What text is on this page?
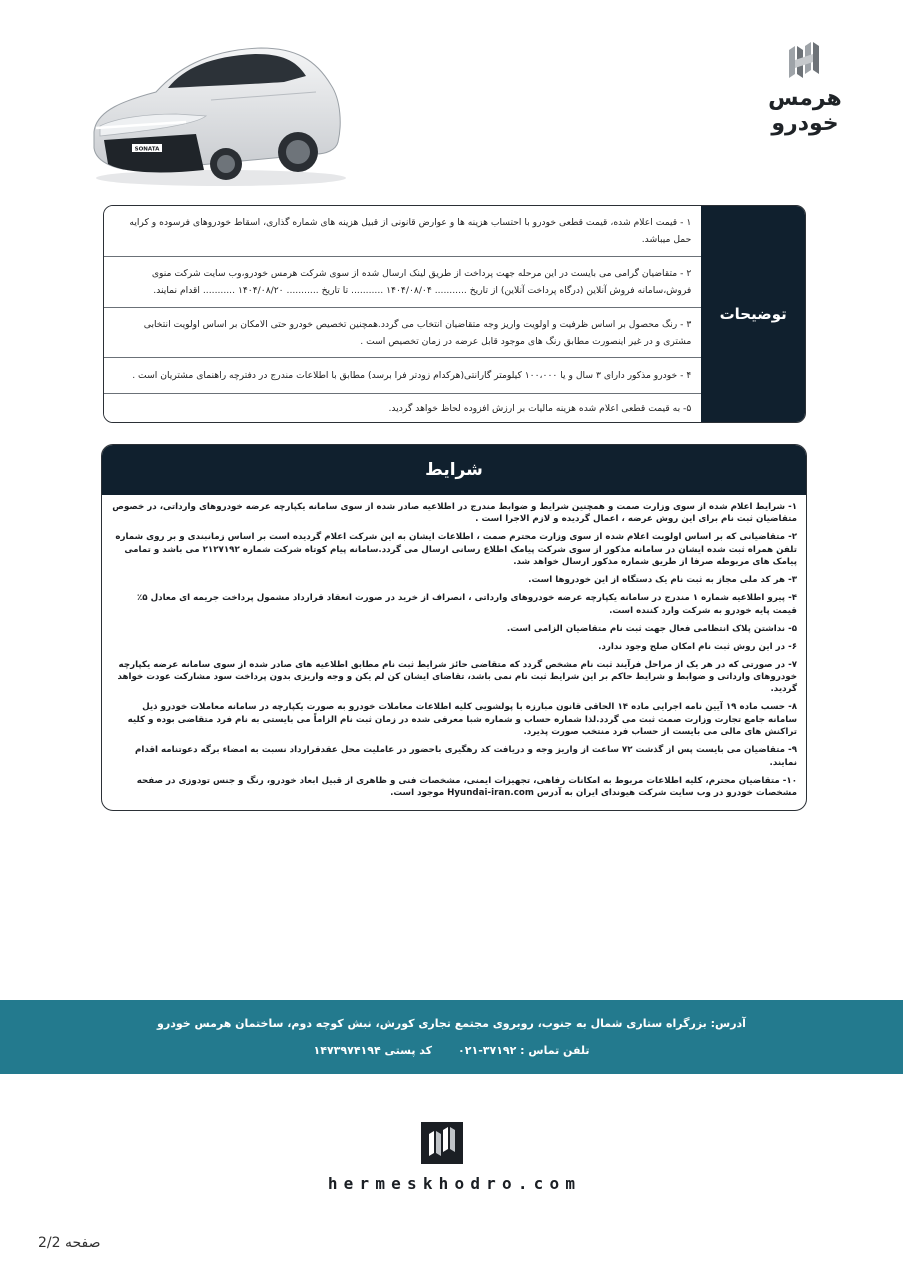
SONATA
هرمس خودرو
۱ - قیمت اعلام شده، قیمت قطعی خودرو با احتساب هزینه ها و عوارض قانونی از قبیل هزینه های شماره گذاری، اسقاط خودروهای فرسوده و کرایه حمل میباشد.
۲ - متقاضیان گرامی می بایست در این مرحله جهت پرداخت از طریق لینک ارسال شده از سوی شرکت هرمس خودرو،وب سایت شرکت منوی فروش،سامانه فروش آنلاین (درگاه پرداخت آنلاین) از تاریخ ........... ۱۴۰۴/۰۸/۰۴ ........... تا تاریخ ........... ۱۴۰۴/۰۸/۲۰ ........... اقدام نمایند.
۳ - رنگ محصول بر اساس ظرفیت و اولویت واریز وجه متقاضیان انتخاب می گردد.همچنین تخصیص خودرو حتی الامکان بر اساس اولویت انتخابی مشتری و در غیر اینصورت مطابق رنگ های موجود قابل عرضه در زمان تخصیص است .
۴ - خودرو مذکور دارای ۳ سال و یا ۱۰۰،۰۰۰ کیلومتر گارانتی(هرکدام زودتر فرا برسد) مطابق با اطلاعات مندرج در دفترچه راهنمای مشتریان است .
۵- به قیمت قطعی اعلام شده هزینه مالیات بر ارزش افزوده لحاظ خواهد گردید.
توضیحات
شرایط
۱- شرایط اعلام شده از سوی وزارت صمت و همچنین شرایط و ضوابط مندرج در اطلاعیه صادر شده از سوی سامانه یکپارچه عرضه خودروهای وارداتی، در خصوص متقاضیان ثبت نام برای این روش عرضه ، اعمال گردیده و لازم الاجرا است .
۲- متقاضیانی که بر اساس اولویت اعلام شده از سوی وزارت محترم صمت ، اطلاعات ایشان به این شرکت اعلام گردیده است بر اساس زمانبندی و بر روی شماره تلفن همراه ثبت شده ایشان در سامانه مذکور از سوی شرکت پیامک اطلاع رسانی ارسال می گردد.سامانه پیام کوتاه شرکت شماره ۲۱۲۷۱۹۲ می باشد و تمامی پیامک های مربوطه صرفا از طریق شماره مذکور ارسال خواهد شد.
۳- هر کد ملی مجاز به ثبت نام یک دستگاه از این خودروها است.
۴- پیرو اطلاعیه شماره ۱ مندرج در سامانه یکپارچه عرضه خودروهای وارداتی ، انصراف از خرید در صورت انعقاد قرارداد مشمول پرداخت جریمه ای معادل ۵٪ قیمت پایه خودرو به شرکت وارد کننده است.
۵- نداشتن پلاک انتظامی فعال جهت ثبت نام متقاضیان الزامی است.
۶- در این روش ثبت نام امکان صلح وجود ندارد.
۷- در صورتی که در هر یک از مراحل فرآیند ثبت نام مشخص گردد که متقاضی حائز شرایط ثبت نام مطابق اطلاعیه های صادر شده از سوی سامانه عرضه یکپارچه خودروهای وارداتی و ضوابط و شرایط حاکم بر این شرایط ثبت نام نمی باشد، تقاضای ایشان کن لم یکن و وجه واریزی بدون پرداخت سود مشارکت عودت خواهد گردید.
۸- حسب ماده ۱۹ آیین نامه اجرایی ماده ۱۴ الحاقی قانون مبارزه با پولشویی کلیه اطلاعات معاملات خودرو به صورت یکپارچه در سامانه معاملات خودرو ذیل سامانه جامع تجارت وزارت صمت ثبت می گردد.لذا شماره حساب و شماره شبا معرفی شده در زمان ثبت نام الزاماً می بایستی به نام فرد متقاضی بوده و کلیه تراکنش های مالی می بایست از حساب فرد منتخب صورت پذیرد.
۹- متقاضیان می بایست پس از گذشت ۷۲ ساعت از واریز وجه و دریافت کد رهگیری باحضور در عاملیت محل عقدقرارداد نسبت به امضاء برگه دعوتنامه اقدام نمایند.
۱۰- متقاضیان محترم، کلیه اطلاعات مربوط به امکانات رفاهی، تجهیزات ایمنی، مشخصات فنی و ظاهری از قبیل ابعاد خودرو، رنگ و جنس تودوزی در صفحه مشخصات خودرو در وب سایت شرکت هیوندای ایران به آدرس Hyundai-iran.com موجود است.
آدرس: بزرگراه ستاری شمال به جنوب، روبروی مجتمع تجاری کورش، نبش کوچه دوم، ساختمان هرمس خودرو
تلفن تماس : ۳۷۱۹۲-۰۲۱
کد پستی ۱۴۷۳۹۷۴۱۹۴
hermeskhodro.com
صفحه 2/2
